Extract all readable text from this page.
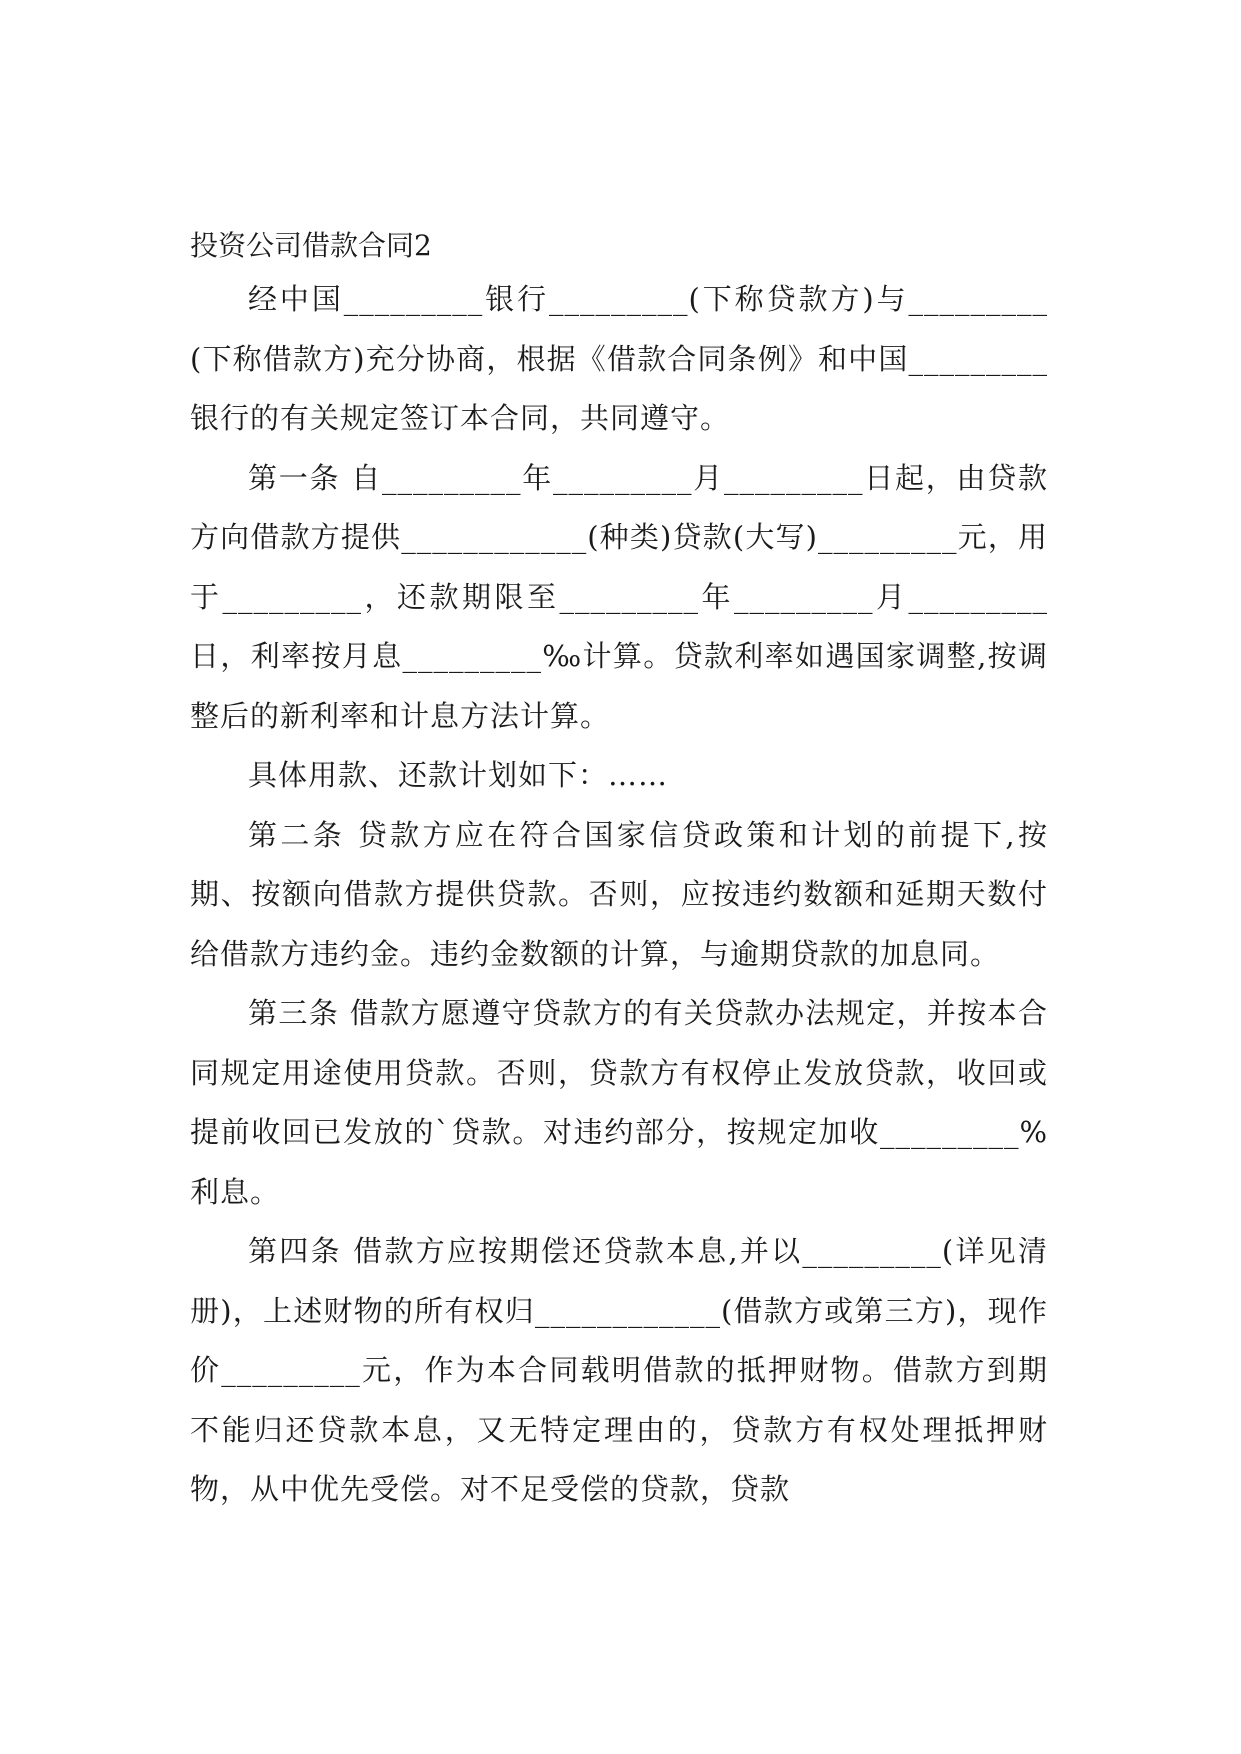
投资公司借款合同2

经中国_________银行_________(下称贷款方)与_________(下称借款方)充分协商，根据《借款合同条例》和中国_________银行的有关规定签订本合同，共同遵守。

第一条 自_________年_________月_________日起，由贷款方向借款方提供____________(种类)贷款(大写)_________元，用于_________，还款期限至_________年_________月_________日，利率按月息_________‰计算。贷款利率如遇国家调整,按调整后的新利率和计息方法计算。

具体用款、还款计划如下：……

第二条 贷款方应在符合国家信贷政策和计划的前提下,按期、按额向借款方提供贷款。否则，应按违约数额和延期天数付给借款方违约金。违约金数额的计算，与逾期贷款的加息同。

第三条 借款方愿遵守贷款方的有关贷款办法规定，并按本合同规定用途使用贷款。否则，贷款方有权停止发放贷款，收回或提前收回已发放的`贷款。对违约部分，按规定加收_________%利息。

第四条 借款方应按期偿还贷款本息,并以_________(详见清册)，上述财物的所有权归____________(借款方或第三方)，现作价_________元，作为本合同载明借款的抵押财物。借款方到期不能归还贷款本息，又无特定理由的，贷款方有权处理抵押财物，从中优先受偿。对不足受偿的贷款，贷款
